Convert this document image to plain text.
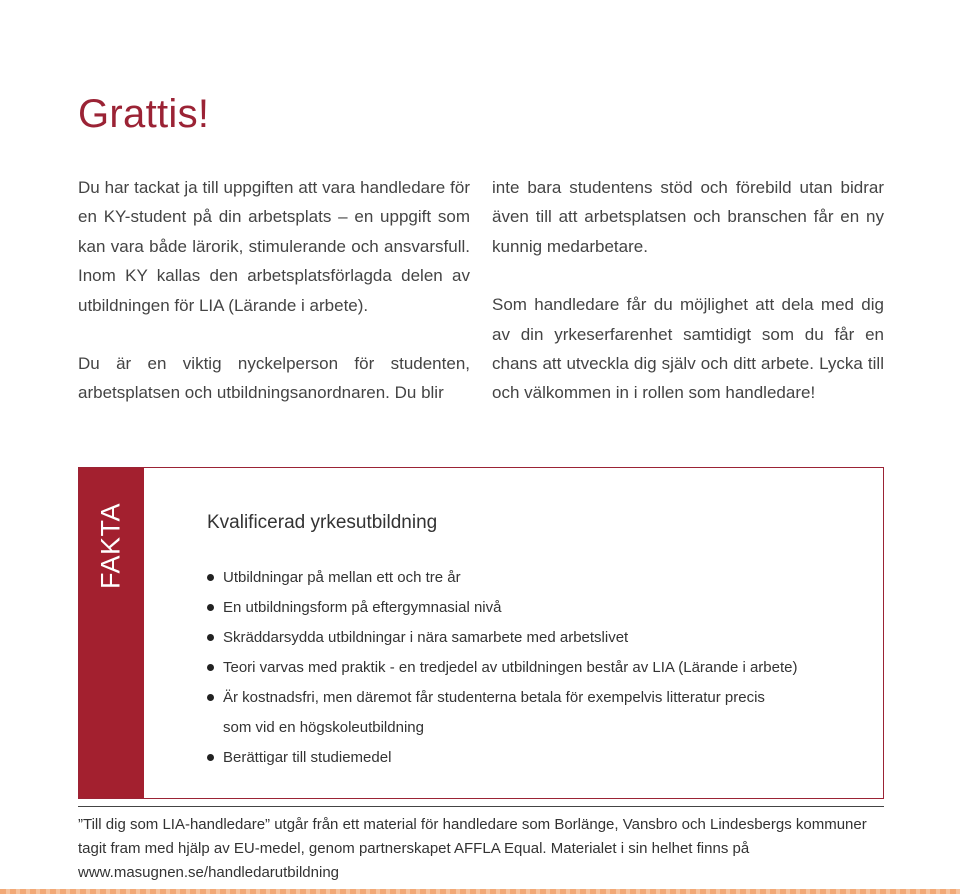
Grattis!

Du har tackat ja till uppgiften att vara handledare för en KY-student på din arbetsplats – en uppgift som kan vara både lärorik, stimulerande och ansvarsfull. Inom KY kallas den arbetsplatsförlagda delen av utbildningen för LIA (Lärande i arbete).

Du är en viktig nyckelperson för studenten, arbetsplatsen och utbildningsanordnaren. Du blir

inte bara studentens stöd och förebild utan bidrar även till att arbetsplatsen och branschen får en ny kunnig medarbetare.

Som handledare får du möjlighet att dela med dig av din yrkeserfarenhet samtidigt som du får en chans att utveckla dig själv och ditt arbete. Lycka till och välkommen in i rollen som handledare!

FAKTA	Kvalificerad yrkesutbildning
Utbildningar på mellan ett och tre år
En utbildningsform på eftergymnasial nivå
Skräddarsydda utbildningar i nära samarbete med arbetslivet
Teori varvas med praktik - en tredjedel av utbildningen består av LIA (Lärande i arbete)
Är kostnadsfri, men däremot får studenterna betala för exempelvis litteratur precis
som vid en högskoleutbildning
Berättigar till studiemedel

”Till dig som LIA-handledare” utgår från ett material för handledare som Borlänge, Vansbro och Lindesbergs kommuner

tagit fram med hjälp av EU-medel, genom partnerskapet AFFLA Equal. Materialet i sin helhet finns på

www.masugnen.se/handledarutbildning
